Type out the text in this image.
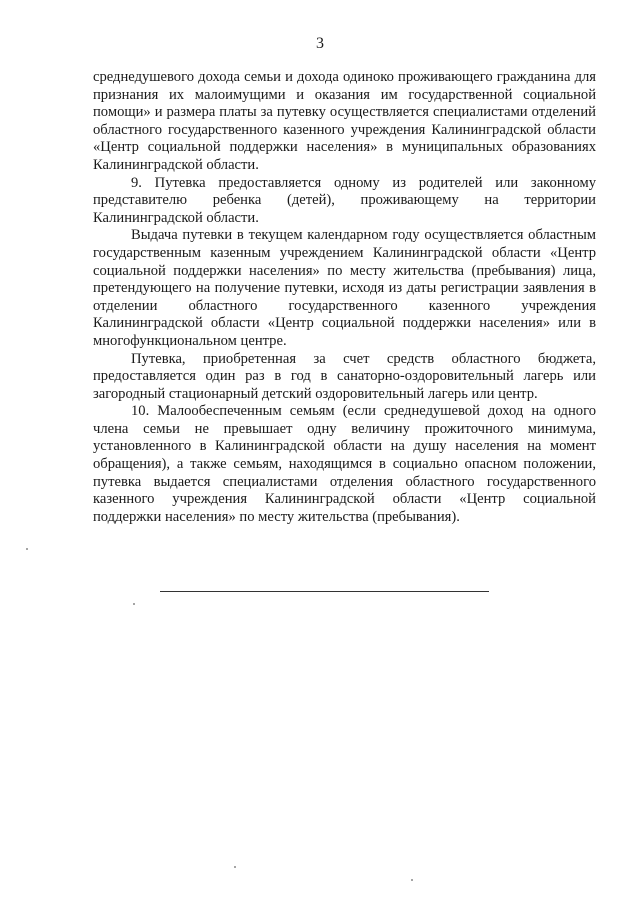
3

среднедушевого дохода семьи и дохода одиноко проживающего гражданина для признания их малоимущими и оказания им государственной социальной помощи» и размера платы за путевку осуществляется специалистами отделений областного государственного казенного учреждения Калининградской области «Центр социальной поддержки населения» в муниципальных образованиях Калининградской области.

9. Путевка предоставляется одному из родителей или законному представителю ребенка (детей), проживающему на территории Калининградской области.

Выдача путевки в текущем календарном году осуществляется областным государственным казенным учреждением Калининградской области «Центр социальной поддержки населения» по месту жительства (пребывания) лица, претендующего на получение путевки, исходя из даты регистрации заявления в отделении областного государственного казенного учреждения Калининградской области «Центр социальной поддержки населения» или в многофункциональном центре.

Путевка, приобретенная за счет средств областного бюджета, предоставляется один раз в год в санаторно-оздоровительный лагерь или загородный стационарный детский оздоровительный лагерь или центр.

10. Малообеспеченным семьям (если среднедушевой доход на одного члена семьи не превышает одну величину прожиточного минимума, установленного в Калининградской области на душу населения на момент обращения), а также семьям, находящимся в социально опасном положении, путевка выдается специалистами отделения областного государственного казенного учреждения Калининградской области «Центр социальной поддержки населения» по месту жительства (пребывания).
